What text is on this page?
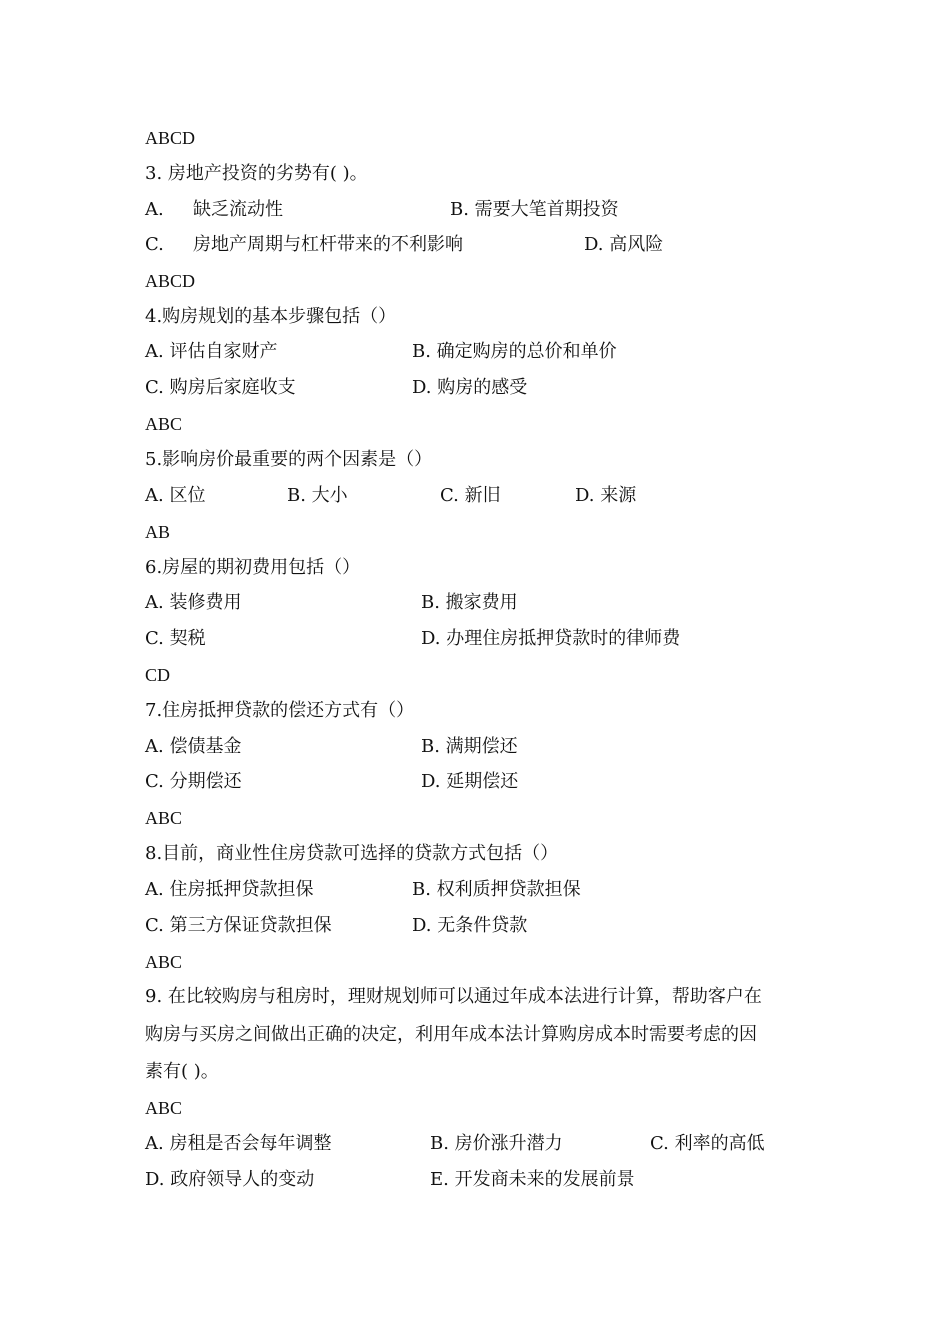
ABCD
3. 房地产投资的劣势有( )。
A. 缺乏流动性	B. 需要大笔首期投资
C. 房地产周期与杠杆带来的不利影响	D. 高风险
ABCD
4.购房规划的基本步骤包括（）
A. 评估自家财产	B. 确定购房的总价和单价
C. 购房后家庭收支	D. 购房的感受
ABC
5.影响房价最重要的两个因素是（）
A. 区位	B. 大小	C. 新旧	D. 来源
AB
6.房屋的期初费用包括（）
A. 装修费用	B. 搬家费用
C. 契税	D. 办理住房抵押贷款时的律师费
CD
7.住房抵押贷款的偿还方式有（）
A. 偿债基金	B. 满期偿还
C. 分期偿还	D. 延期偿还
ABC
8.目前，商业性住房贷款可选择的贷款方式包括（）
A. 住房抵押贷款担保	B. 权利质押贷款担保
C. 第三方保证贷款担保	D. 无条件贷款
ABC
9. 在比较购房与租房时，理财规划师可以通过年成本法进行计算，帮助客户在
购房与买房之间做出正确的决定，利用年成本法计算购房成本时需要考虑的因
素有( )。
ABC
A. 房租是否会每年调整	B. 房价涨升潜力	C. 利率的高低
D. 政府领导人的变动	E. 开发商未来的发展前景
